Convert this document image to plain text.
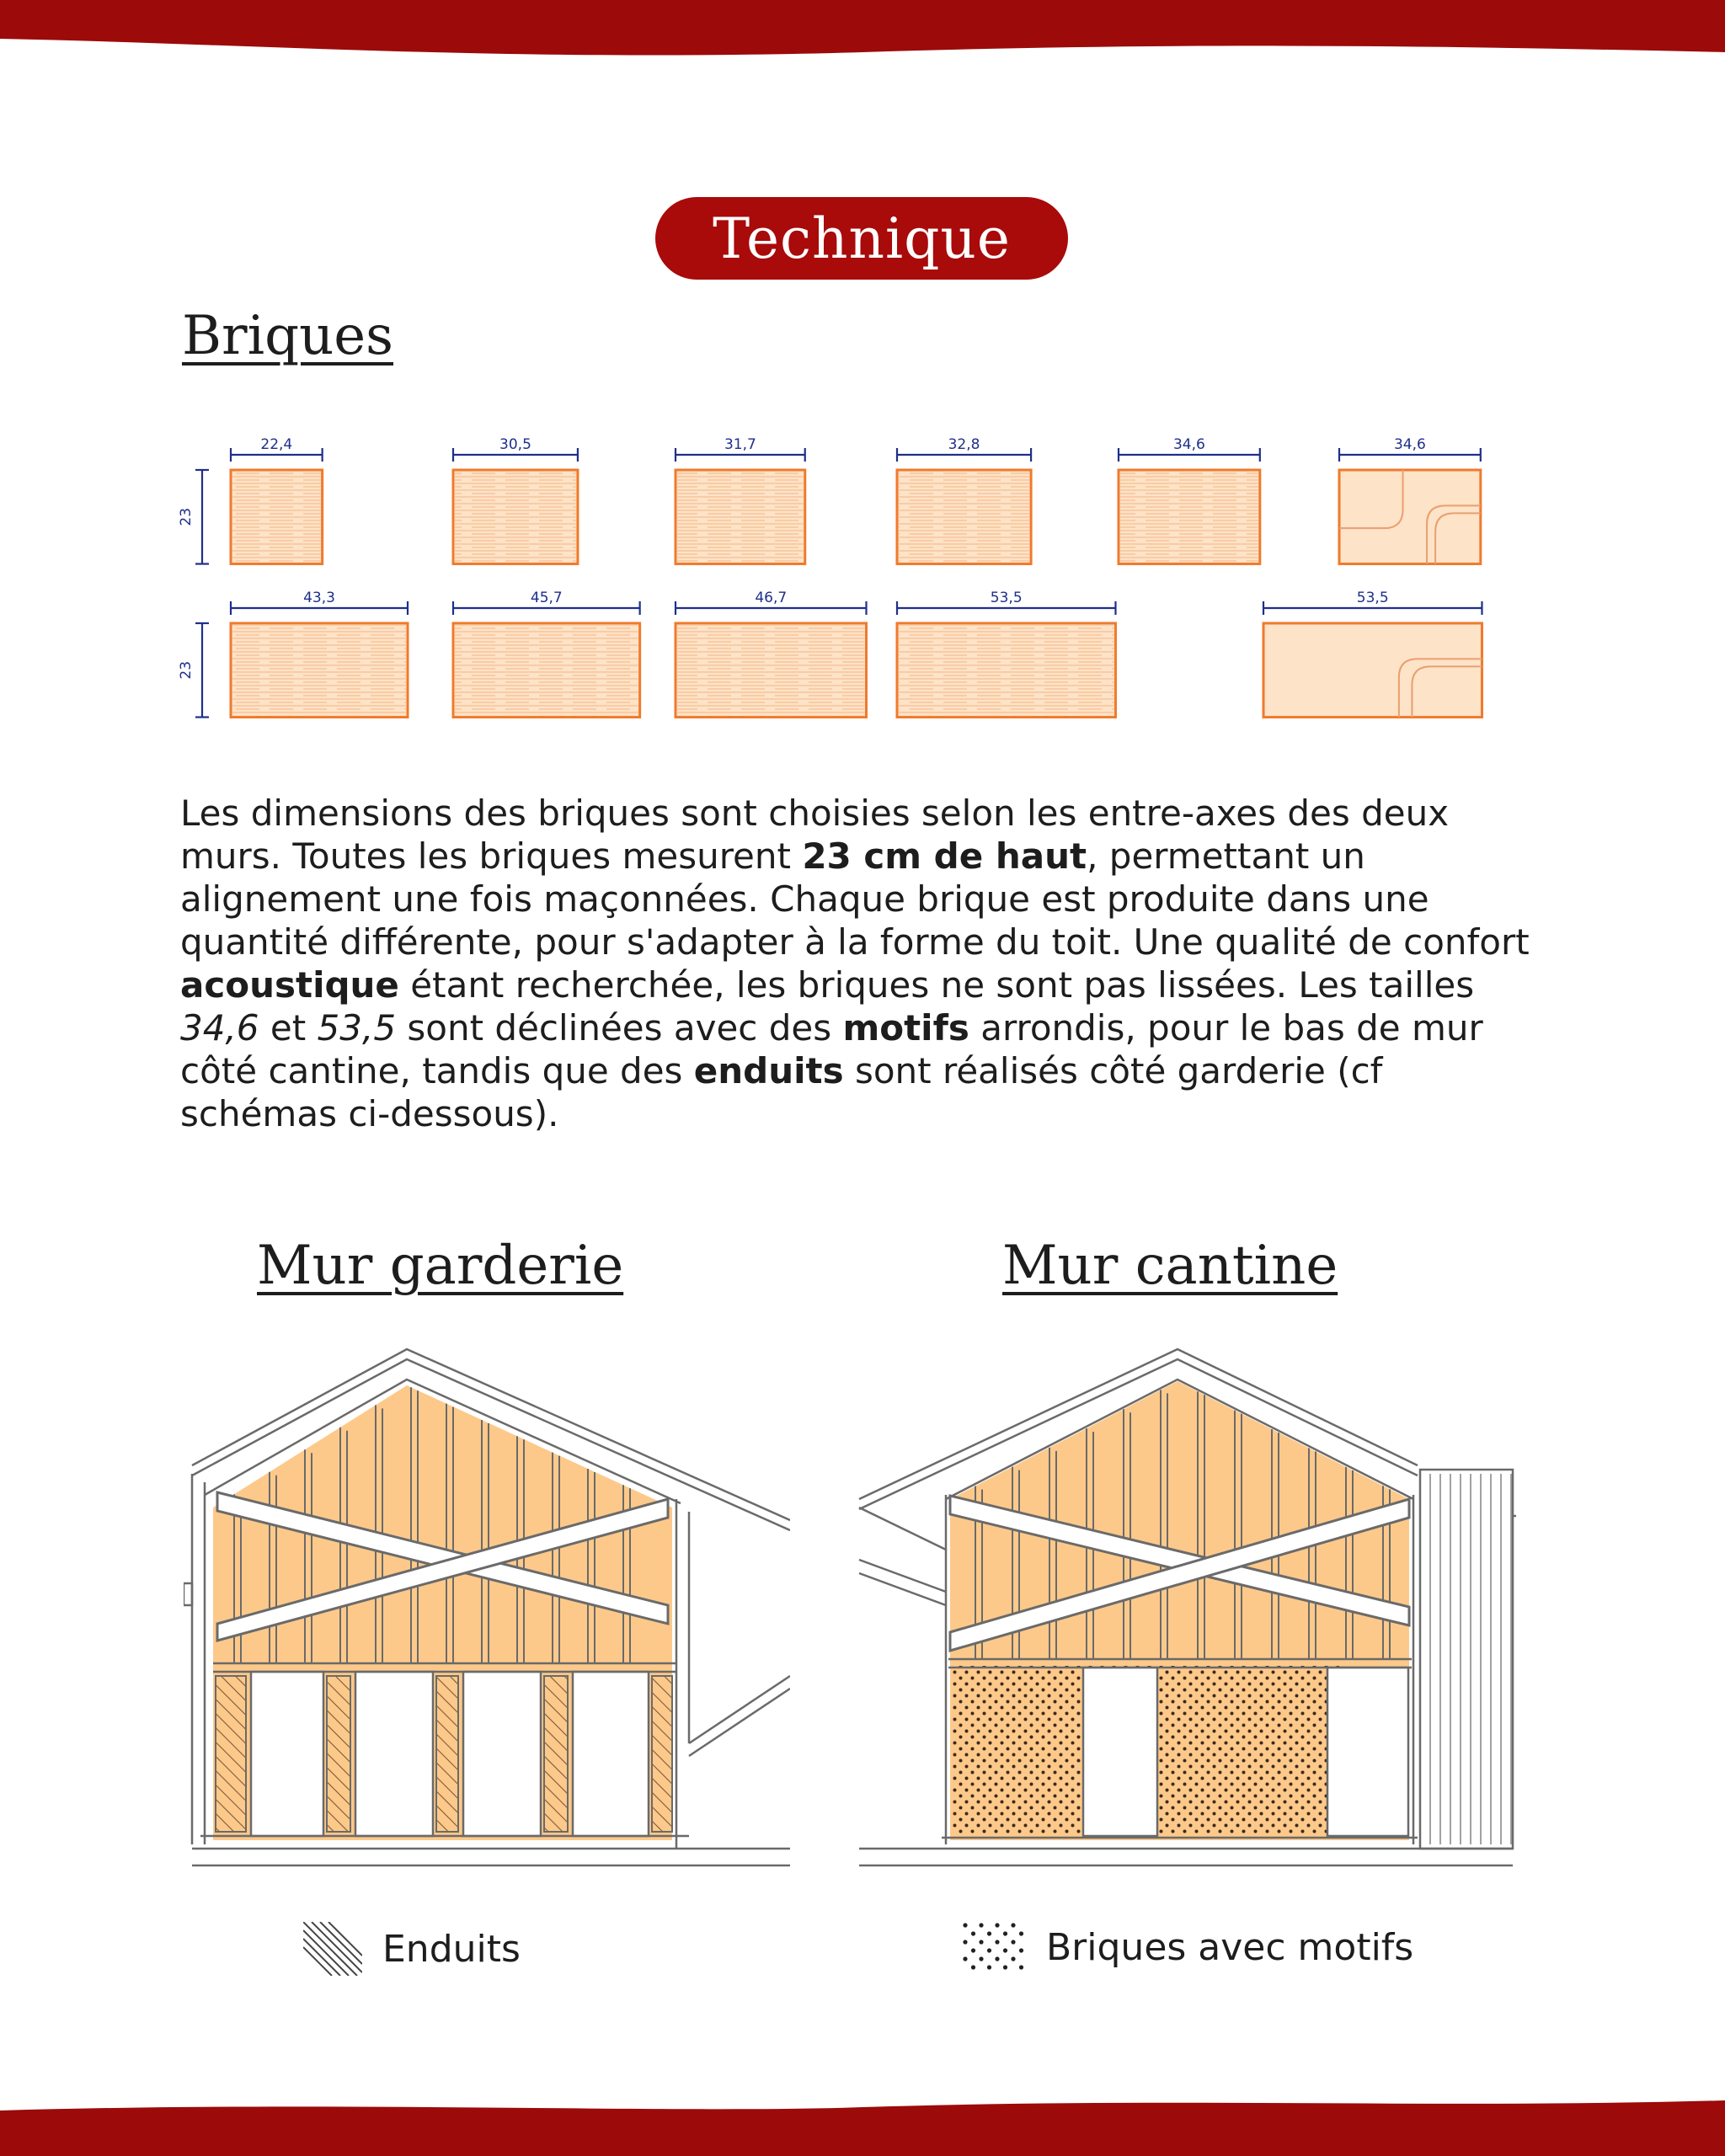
Technique
Briques
23
22,4	30,5	31,7	32,8	34,6	34,6
23
43,3	45,7	46,7	53,5	53,5
Les dimensions des briques sont choisies selon les entre-axes des deux murs. Toutes les briques mesurent 23 cm de haut, permettant un alignement une fois maçonnées. Chaque brique est produite dans une quantité différente, pour s'adapter à la forme du toit. Une qualité de confort acoustique étant recherchée, les briques ne sont pas lissées. Les tailles 34,6 et 53,5 sont déclinées avec des motifs arrondis, pour le bas de mur côté cantine, tandis que des enduits sont réalisés côté garderie (cf schémas ci-dessous).
Mur garderie	Mur cantine
Enduits	Briques avec motifs
